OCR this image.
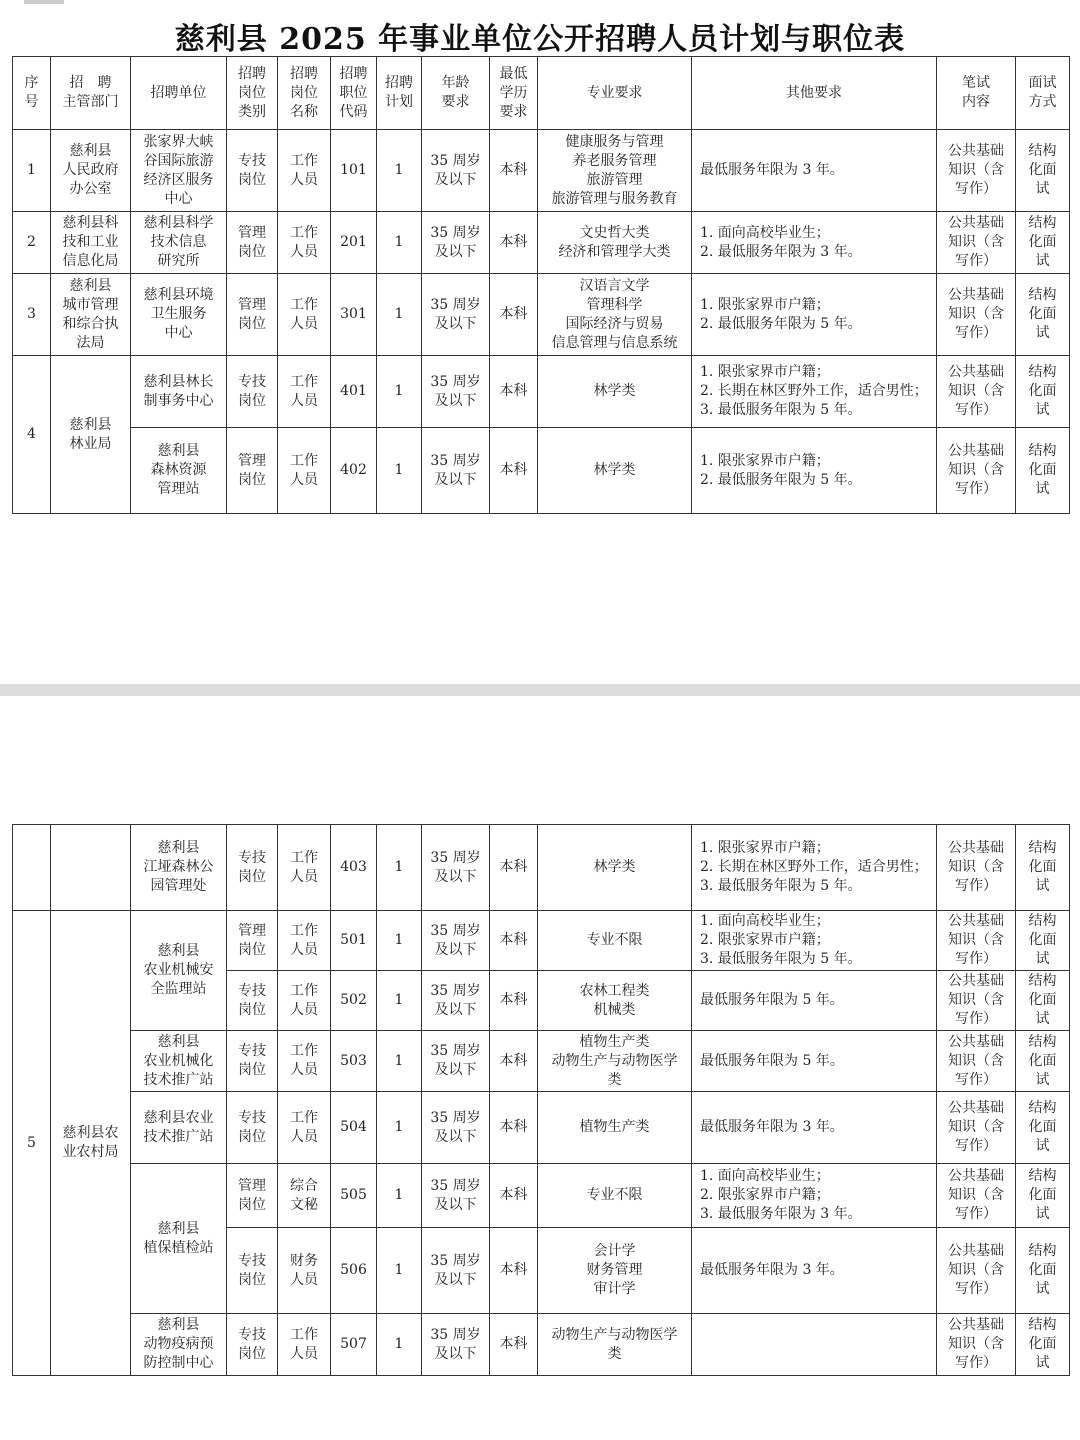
慈利县 2025 年事业单位公开招聘人员计划与职位表
序
号	招　聘
主管部门	招聘单位	招聘
岗位
类别	招聘
岗位
名称	招聘
职位
代码	招聘
计划	年龄
要求	最低
学历
要求	专业要求	其他要求	笔试
内容	面试
方式
1	慈利县
人民政府
办公室	张家界大峡
谷国际旅游
经济区服务
中心	专技
岗位	工作
人员	101	1	35 周岁
及以下	本科	健康服务与管理
养老服务管理
旅游管理
旅游管理与服务教育	最低服务年限为 3 年。	公共基础
知识（含
写作）	结构
化面
试
2	慈利县科
技和工业
信息化局	慈利县科学
技术信息
研究所	管理
岗位	工作
人员	201	1	35 周岁
及以下	本科	文史哲大类
经济和管理学大类	1. 面向高校毕业生；
2. 最低服务年限为 3 年。	公共基础
知识（含
写作）	结构
化面
试
3	慈利县
城市管理
和综合执
法局	慈利县环境
卫生服务
中心	管理
岗位	工作
人员	301	1	35 周岁
及以下	本科	汉语言文学
管理科学
国际经济与贸易
信息管理与信息系统	1. 限张家界市户籍；
2. 最低服务年限为 5 年。	公共基础
知识（含
写作）	结构
化面
试
4	慈利县
林业局	慈利县林长
制事务中心	专技
岗位	工作
人员	401	1	35 周岁
及以下	本科	林学类	1. 限张家界市户籍；
2. 长期在林区野外工作，适合男性；
3. 最低服务年限为 5 年。	公共基础
知识（含
写作）	结构
化面
试
		慈利县
森林资源
管理站	管理
岗位	工作
人员	402	1	35 周岁
及以下	本科	林学类	1. 限张家界市户籍；
2. 最低服务年限为 5 年。	公共基础
知识（含
写作）	结构
化面
试
		慈利县
江垭森林公
园管理处	专技
岗位	工作
人员	403	1	35 周岁
及以下	本科	林学类	1. 限张家界市户籍；
2. 长期在林区野外工作，适合男性；
3. 最低服务年限为 5 年。	公共基础
知识（含
写作）	结构
化面
试
5	慈利县农
业农村局	慈利县
农业机械安
全监理站	管理
岗位	工作
人员	501	1	35 周岁
及以下	本科	专业不限	1. 面向高校毕业生；
2. 限张家界市户籍；
3. 最低服务年限为 5 年。	公共基础
知识（含
写作）	结构
化面
试
			专技
岗位	工作
人员	502	1	35 周岁
及以下	本科	农林工程类
机械类	最低服务年限为 5 年。	公共基础
知识（含
写作）	结构
化面
试
		慈利县
农业机械化
技术推广站	专技
岗位	工作
人员	503	1	35 周岁
及以下	本科	植物生产类
动物生产与动物医学
类	最低服务年限为 5 年。	公共基础
知识（含
写作）	结构
化面
试
		慈利县农业
技术推广站	专技
岗位	工作
人员	504	1	35 周岁
及以下	本科	植物生产类	最低服务年限为 3 年。	公共基础
知识（含
写作）	结构
化面
试
		慈利县
植保植检站	管理
岗位	综合
文秘	505	1	35 周岁
及以下	本科	专业不限	1. 面向高校毕业生；
2. 限张家界市户籍；
3. 最低服务年限为 3 年。	公共基础
知识（含
写作）	结构
化面
试
			专技
岗位	财务
人员	506	1	35 周岁
及以下	本科	会计学
财务管理
审计学	最低服务年限为 3 年。	公共基础
知识（含
写作）	结构
化面
试
		慈利县
动物疫病预
防控制中心	专技
岗位	工作
人员	507	1	35 周岁
及以下	本科	动物生产与动物医学
类		公共基础
知识（含
写作）	结构
化面
试
